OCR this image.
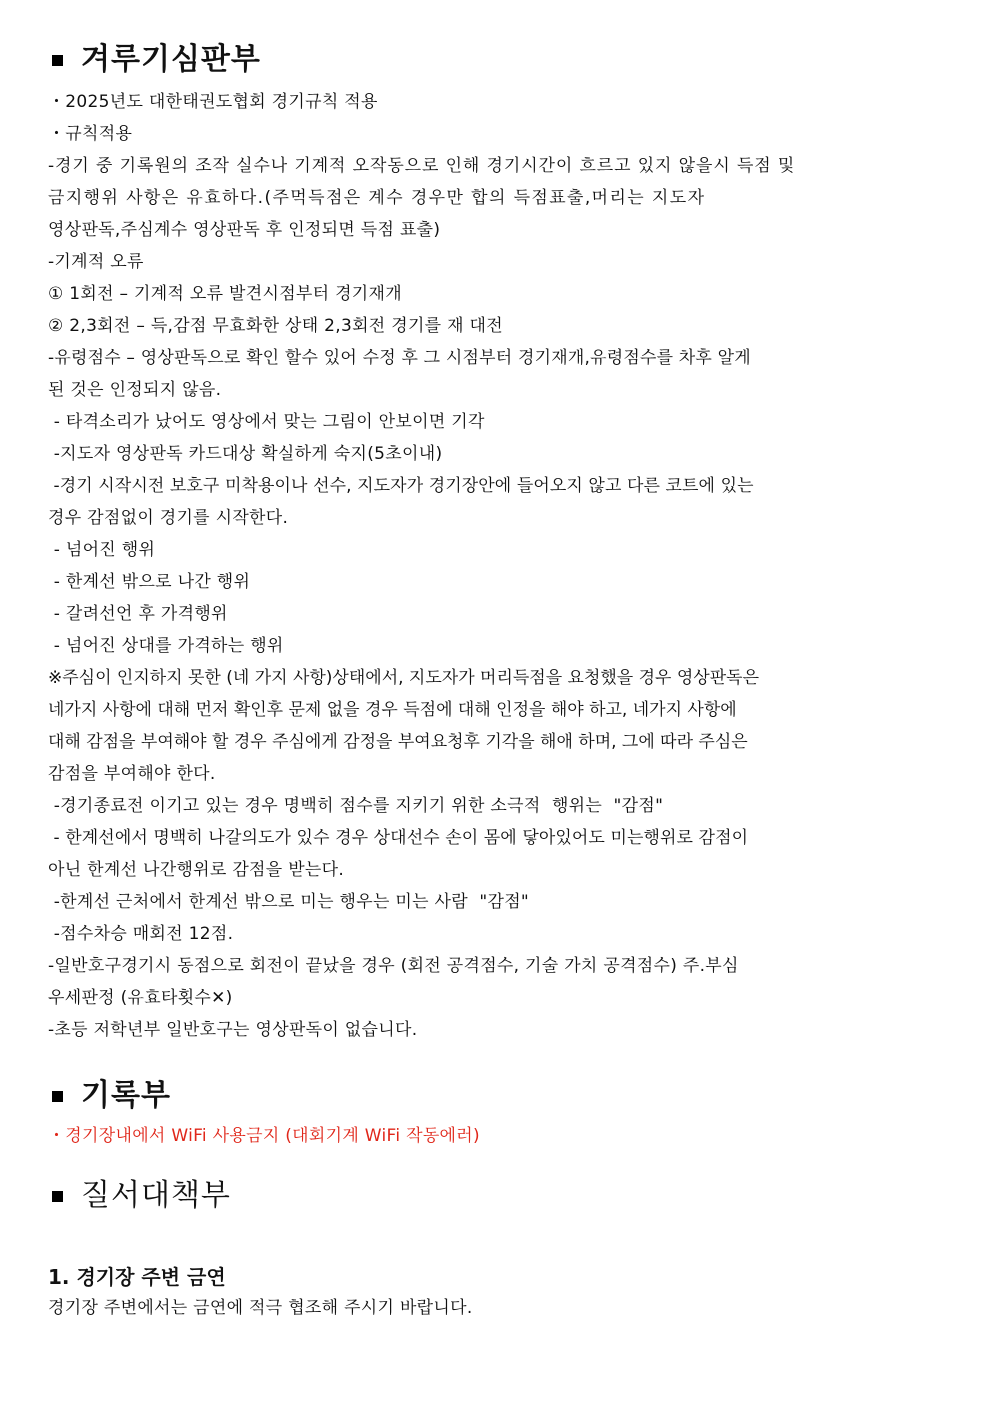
겨루기심판부
・2025년도 대한태권도협회 경기규칙 적용
・규칙적용
-경기 중 기록원의 조작 실수나 기계적 오작동으로 인해 경기시간이 흐르고 있지 않을시 득점 및
금지행위 사항은 유효하다.(주먹득점은 계수 경우만 합의 득점표출,머리는 지도자
영상판독,주심계수 영상판독 후 인정되면 득점 표출)
-기계적 오류
① 1회전 – 기계적 오류 발견시점부터 경기재개
② 2,3회전 – 득,감점 무효화한 상태 2,3회전 경기를 재 대전
-유령점수 – 영상판독으로 확인 할수 있어 수정 후 그 시점부터 경기재개,유령점수를 차후 알게
된 것은 인정되지 않음.
- 타격소리가 났어도 영상에서 맞는 그림이 안보이면 기각
-지도자 영상판독 카드대상 확실하게 숙지(5초이내)
-경기 시작시전 보호구 미착용이나 선수, 지도자가 경기장안에 들어오지 않고 다른 코트에 있는
경우 감점없이 경기를 시작한다.
- 넘어진 행위
- 한계선 밖으로 나간 행위
- 갈려선언 후 가격행위
- 넘어진 상대를 가격하는 행위
※주심이 인지하지 못한 (네 가지 사항)상태에서, 지도자가 머리득점을 요청했을 경우 영상판독은
네가지 사항에 대해 먼저 확인후 문제 없을 경우 득점에 대해 인정을 해야 하고, 네가지 사항에
대해 감점을 부여해야 할 경우 주심에게 감정을 부여요청후 기각을 해애 하며, 그에 따라 주심은
감점을 부여해야 한다.
-경기종료전 이기고 있는 경우 명백히 점수를 지키기 위한 소극적  행위는  "감점"
- 한계선에서 명백히 나갈의도가 있수 경우 상대선수 손이 몸에 닿아있어도 미는행위로 감점이
아닌 한계선 나간행위로 감점을 받는다.
-한계선 근처에서 한계선 밖으로 미는 행우는 미는 사람  "감점"
-점수차승 매회전 12점.
-일반호구경기시 동점으로 회전이 끝났을 경우 (회전 공격점수, 기술 가치 공격점수) 주.부심
우세판정 (유효타횟수✕)
-초등 저학년부 일반호구는 영상판독이 없습니다.
기록부
・경기장내에서 WiFi 사용금지 (대회기계 WiFi 작동에러)
질서대책부
1. 경기장 주변 금연
경기장 주변에서는 금연에 적극 협조해 주시기 바랍니다.
